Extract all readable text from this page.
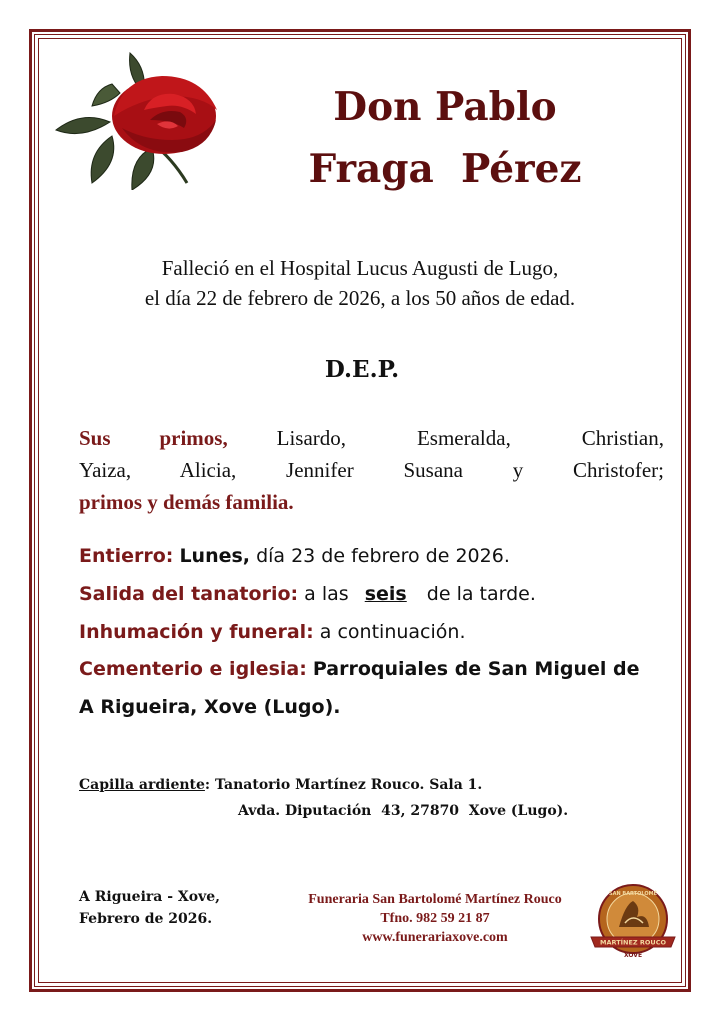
Don Pablo
Fraga  Pérez
Falleció en el Hospital Lucus Augusti de Lugo,
el día 22 de febrero de 2026, a los 50 años de edad.
D.E.P.
Sus primos, Lisardo, Esmeralda, Christian,
Yaiza, Alicia, Jennifer Susana y Christofer;
primos y demás familia.
Entierro: Lunes, día 23 de febrero de 2026.
Salida del tanatorio: a las seis de la tarde.
Inhumación y funeral: a continuación.
Cementerio e iglesia: Parroquiales de San Miguel de
A Rigueira, Xove (Lugo).
Capilla ardiente: Tanatorio Martínez Rouco. Sala 1.
Avda. Diputación  43, 27870  Xove (Lugo).
A Rigueira - Xove,
Febrero de 2026.
Funeraria San Bartolomé Martínez Rouco
Tfno. 982 59 21 87
www.funerariaxove.com
SAN BARTOLOMÉ
MARTÍNEZ ROUCO
XOVE
